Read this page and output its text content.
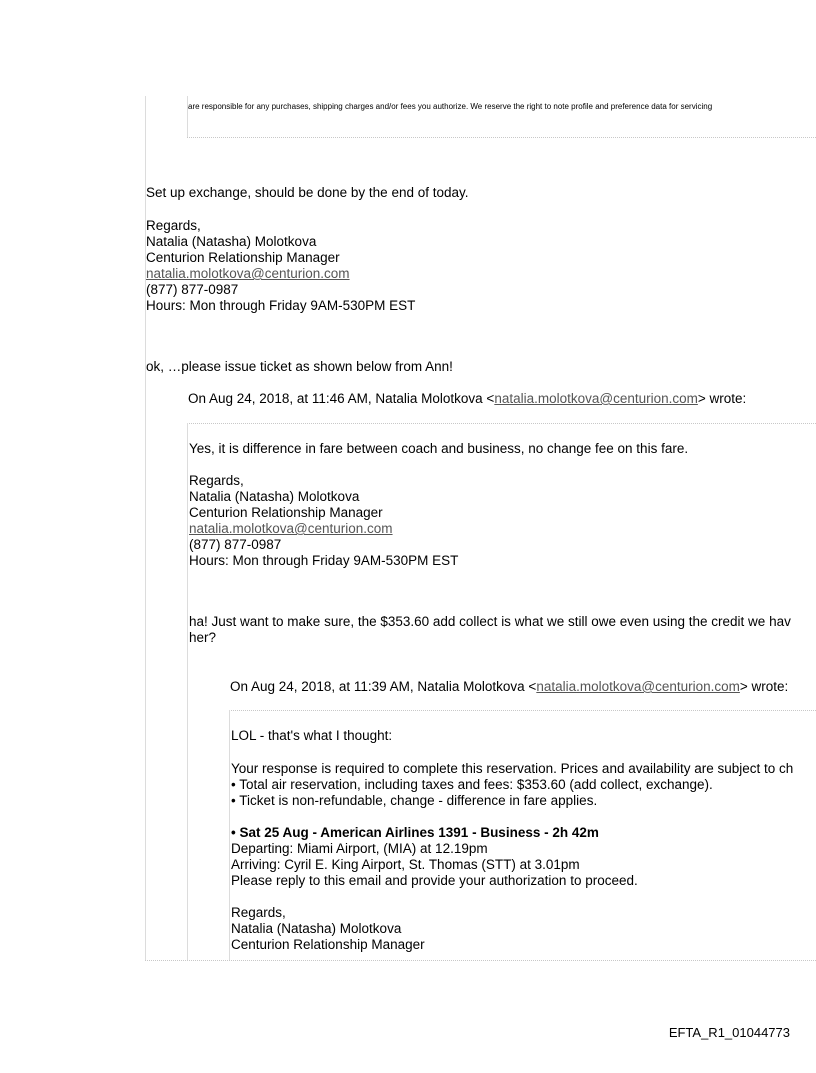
are responsible for any purchases, shipping charges and/or fees you authorize. We reserve the right to note profile and preference data for servicing
Set up exchange, should be done by the end of today.
Regards,
Natalia (Natasha) Molotkova
Centurion Relationship Manager
natalia.molotkova@centurion.com
(877) 877-0987
Hours: Mon through Friday 9AM-530PM EST
ok, …please issue ticket as shown below from Ann!
On Aug 24, 2018, at 11:46 AM, Natalia Molotkova <natalia.molotkova@centurion.com> wrote:
Yes, it is difference in fare between coach and business, no change fee on this fare.
Regards,
Natalia (Natasha) Molotkova
Centurion Relationship Manager
natalia.molotkova@centurion.com
(877) 877-0987
Hours: Mon through Friday 9AM-530PM EST
ha! Just want to make sure, the $353.60 add collect is what we still owe even using the credit we hav
her?
On Aug 24, 2018, at 11:39 AM, Natalia Molotkova <natalia.molotkova@centurion.com> wrote:
LOL - that's what I thought:
Your response is required to complete this reservation. Prices and availability are subject to ch
• Total air reservation, including taxes and fees: $353.60 (add collect, exchange).
• Ticket is non-refundable, change - difference in fare applies.
• Sat 25 Aug - American Airlines 1391 - Business - 2h 42m
Departing: Miami Airport, (MIA) at 12.19pm
Arriving: Cyril E. King Airport, St. Thomas (STT) at 3.01pm
Please reply to this email and provide your authorization to proceed.
Regards,
Natalia (Natasha) Molotkova
Centurion Relationship Manager
EFTA_R1_01044773
